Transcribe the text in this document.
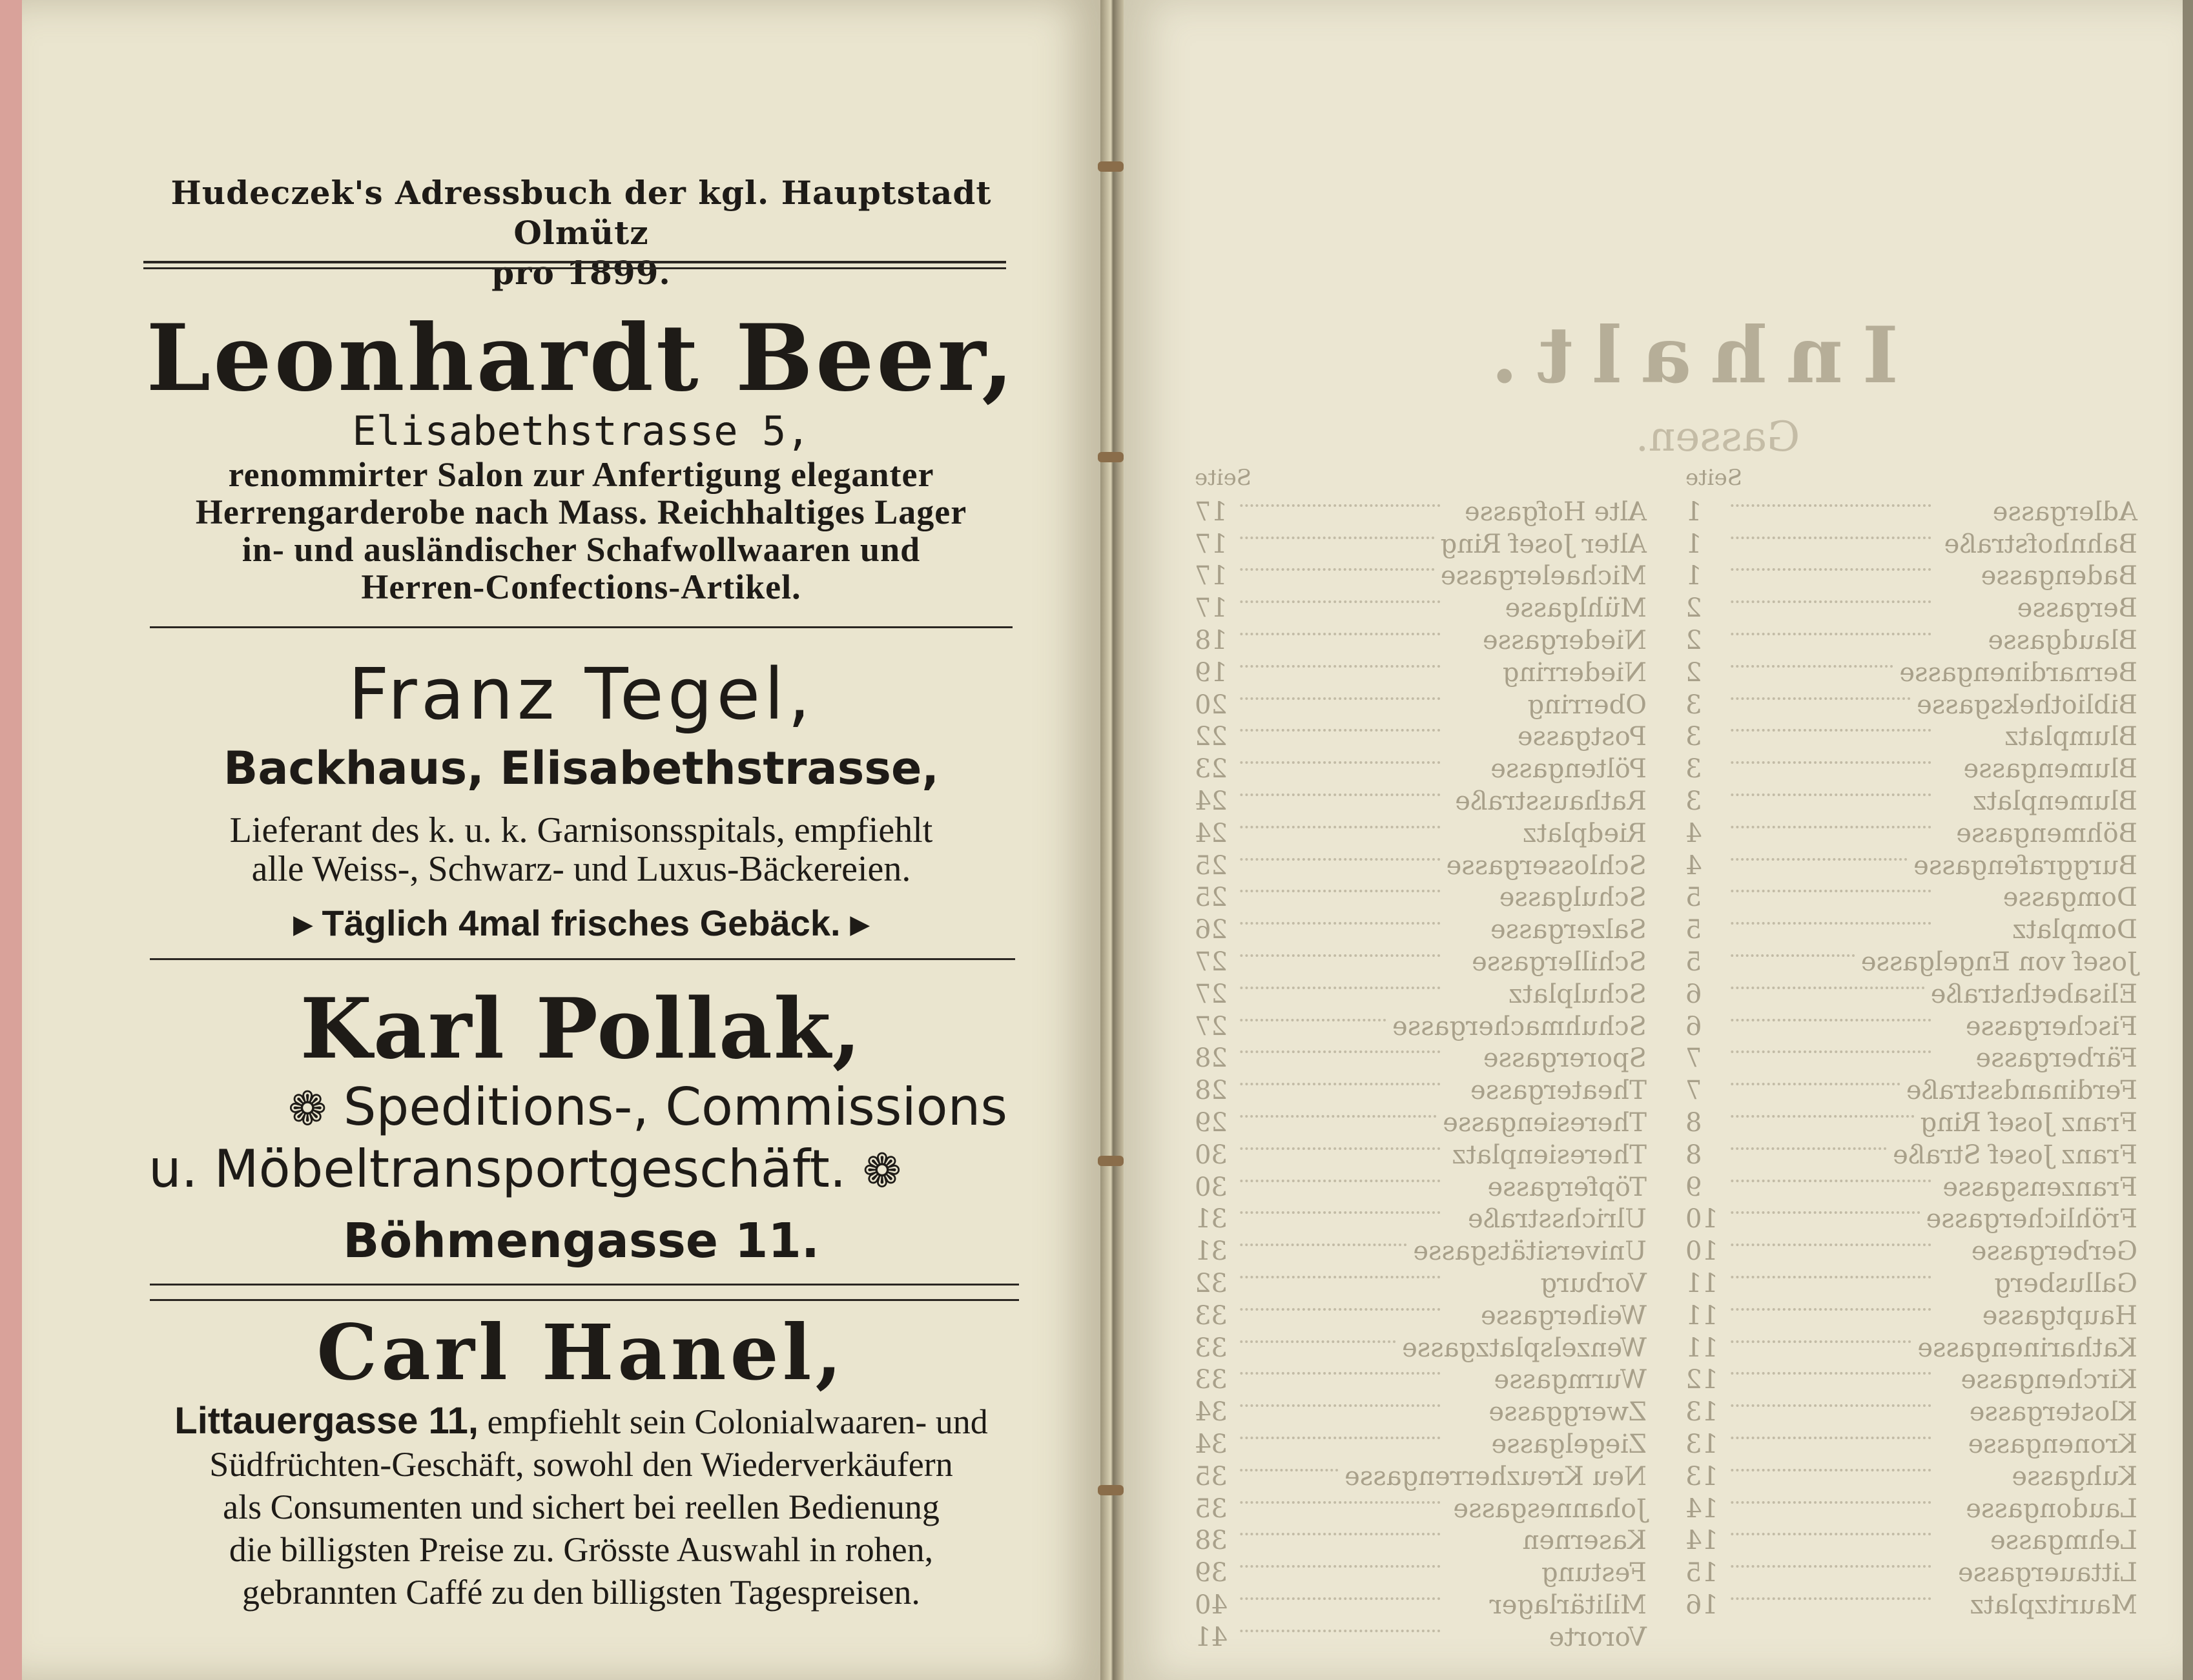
Hudeczek's Adressbuch der kgl. Hauptstadt Olmütz
pro 1899.
Leonhardt Beer,
Elisabethstrasse 5,
renommirter Salon zur Anfertigung eleganter
Herrengarderobe nach Mass. Reichhaltiges Lager
in- und ausländischer Schafwollwaaren und
Herren-Confections-Artikel.
Franz Tegel,
Backhaus, Elisabethstrasse,
Lieferant des k. u. k. Garnisonsspitals, empfiehlt
alle Weiss-, Schwarz- und Luxus-Bäckereien.
▸ Täglich 4mal frisches Gebäck. ▸
Karl Pollak,
❁ Speditions-, Commissions
u. Möbeltransportgeschäft. ❁
Böhmengasse 11.
Carl Hanel,
Littauergasse 11, empfiehlt sein Colonialwaaren- und
Südfrüchten-Geschäft, sowohl den Wiederverkäufern
als Consumenten und sichert bei reellen Bedienung
die billigsten Preise zu. Grösste Auswahl in rohen,
gebrannten Caffé zu den billigsten Tagespreisen.
Inhalt.
Gassen.
Seite
Adlergasse
1
Bahnhofstraße
1
Badengasse
1
Bergasse
2
Blaudgasse
2
Bernardinengasse
2
Bibliotheksgasse
3
Blumplatz
3
Blumengasse
3
Blumenplatz
3
Böhmengasse
4
Burggrafengasse
4
Domgasse
5
Domplatz
5
Josef von Engelgasse
5
Elisabethstraße
6
Fischergasse
6
Färbergasse
7
Ferdinandsstraße
7
Franz Josef Ring
8
Franz Josef Straße
8
Franzensgasse
9
Fröhlichergasse
10
Gerbergasse
10
Gallusberg
11
Hauptgasse
11
Katharinengasse
11
Kirchengasse
12
Klostergasse
13
Kronengasse
13
Kuhgasse
13
Laudongasse
14
Lehmgasse
14
Littauergasse
15
Mauritzplatz
16
Seite
Alte Hofgasse
17
Alter Josef Ring
17
Michaelergasse
17
Mühlgasse
17
Niedergasse
18
Niederring
19
Oberring
20
Postgasse
22
Pöltengasse
23
Rathausstraße
24
Riedplatz
24
Schlossergasse
25
Schulgasse
25
Salzergasse
26
Schillergasse
27
Schulplatz
27
Schuhmachergasse
27
Sporergasse
28
Theatergasse
28
Theresiengasse
29
Theresienplatz
30
Töpfergasse
30
Ulrichsstraße
31
Universitätsgasse
31
Vorburg
32
Weihergasse
33
Wenzelsplatzgasse
33
Wurmgasse
33
Zwerggasse
34
Ziegelgasse
34
Neu Kreuzherrengasse
35
Johannesgasse
35
Kasernen
38
Festung
39
Militärlager
40
Vororte
41
